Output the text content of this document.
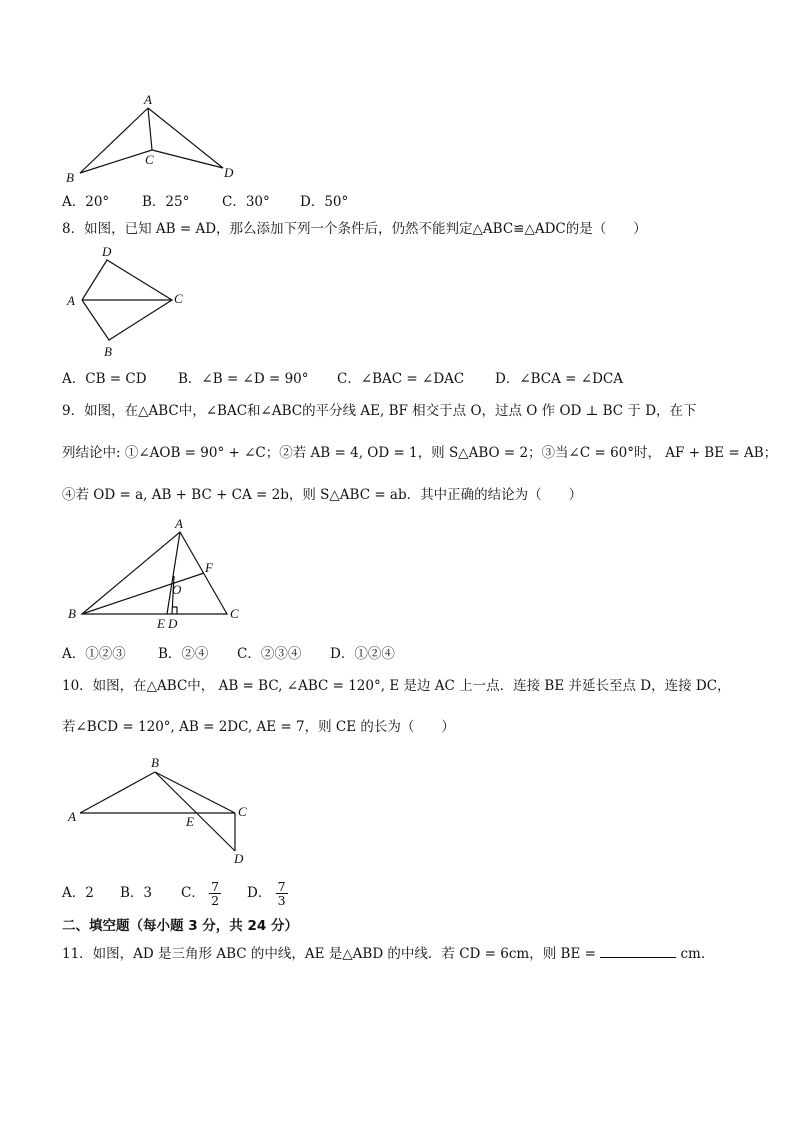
A
B
C
D
A．20° B．25° C．30° D．50°
8．如图，已知 AB = AD，那么添加下列一个条件后，仍然不能判定△ABC≌△ADC的是（　　）
D
A	C
B
A．CB = CD B．∠B = ∠D = 90° C．∠BAC = ∠DAC D．∠BCA = ∠DCA
9．如图，在△ABC中，∠BAC和∠ABC的平分线 AE, BF 相交于点 O，过点 O 作 OD ⊥ BC 于 D，在下
列结论中: ①∠AOB = 90° + ∠C；②若 AB = 4, OD = 1，则 S△ABO = 2；③当∠C = 60°时， AF + BE = AB；
④若 OD = a, AB + BC + CA = 2b，则 S△ABC = ab．其中正确的结论为（　　）
A
F
O
B	C
E D
A．①②③ B．②④ C．②③④ D．①②④
10．如图，在△ABC中， AB = BC, ∠ABC = 120°, E 是边 AC 上一点．连接 BE 并延长至点 D，连接 DC，
若∠BCD = 120°, AB = 2DC, AE = 7，则 CE 的长为（　　）
B
A	C
E
D
A．2 B．3 C． $\frac{7}{2}$ D． $\frac{7}{3}$
二、填空题（每小题 3 分，共 24 分）
11．如图，AD 是三角形 ABC 的中线，AE 是△ABD 的中线．若 CD = 6cm，则 BE =	cm．
